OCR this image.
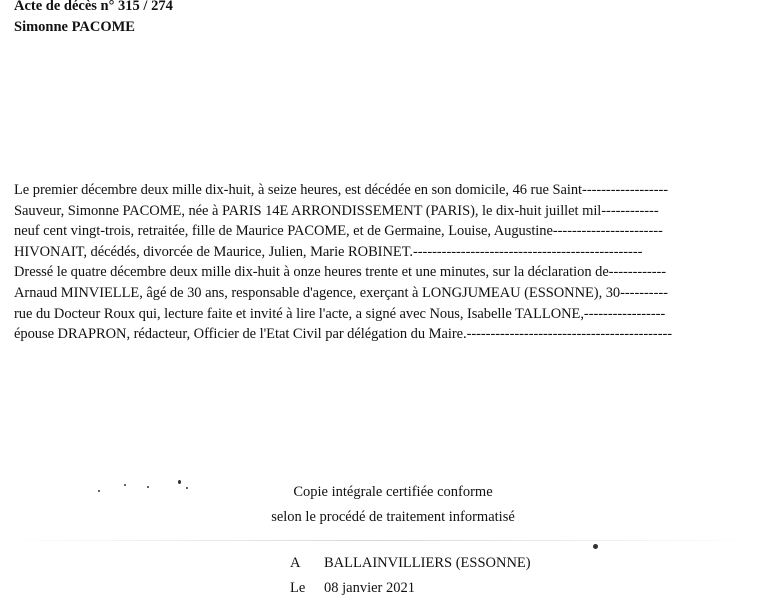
Acte de décès n° 315 / 274
Simonne PACOME
Le premier décembre deux mille dix-huit, à seize heures, est décédée en son domicile, 46 rue Saint------------------
Sauveur, Simonne PACOME, née à PARIS 14E ARRONDISSEMENT (PARIS), le dix-huit juillet mil------------
neuf cent vingt-trois, retraitée, fille de Maurice PACOME, et de Germaine, Louise, Augustine-----------------------
HIVONAIT, décédés, divorcée de Maurice, Julien, Marie ROBINET.------------------------------------------------
Dressé le quatre décembre deux mille dix-huit à onze heures trente et une minutes, sur la déclaration de------------
Arnaud MINVIELLE, âgé de 30 ans, responsable d'agence, exerçant à LONGJUMEAU (ESSONNE), 30----------
rue du Docteur Roux qui, lecture faite et invité à lire l'acte, a signé avec Nous, Isabelle TALLONE,-----------------
épouse DRAPRON, rédacteur, Officier de l'Etat Civil par délégation du Maire.-------------------------------------------
Copie intégrale certifiée conforme
selon le procédé de traitement informatisé
A BALLAINVILLIERS (ESSONNE)
Le 08 janvier 2021
